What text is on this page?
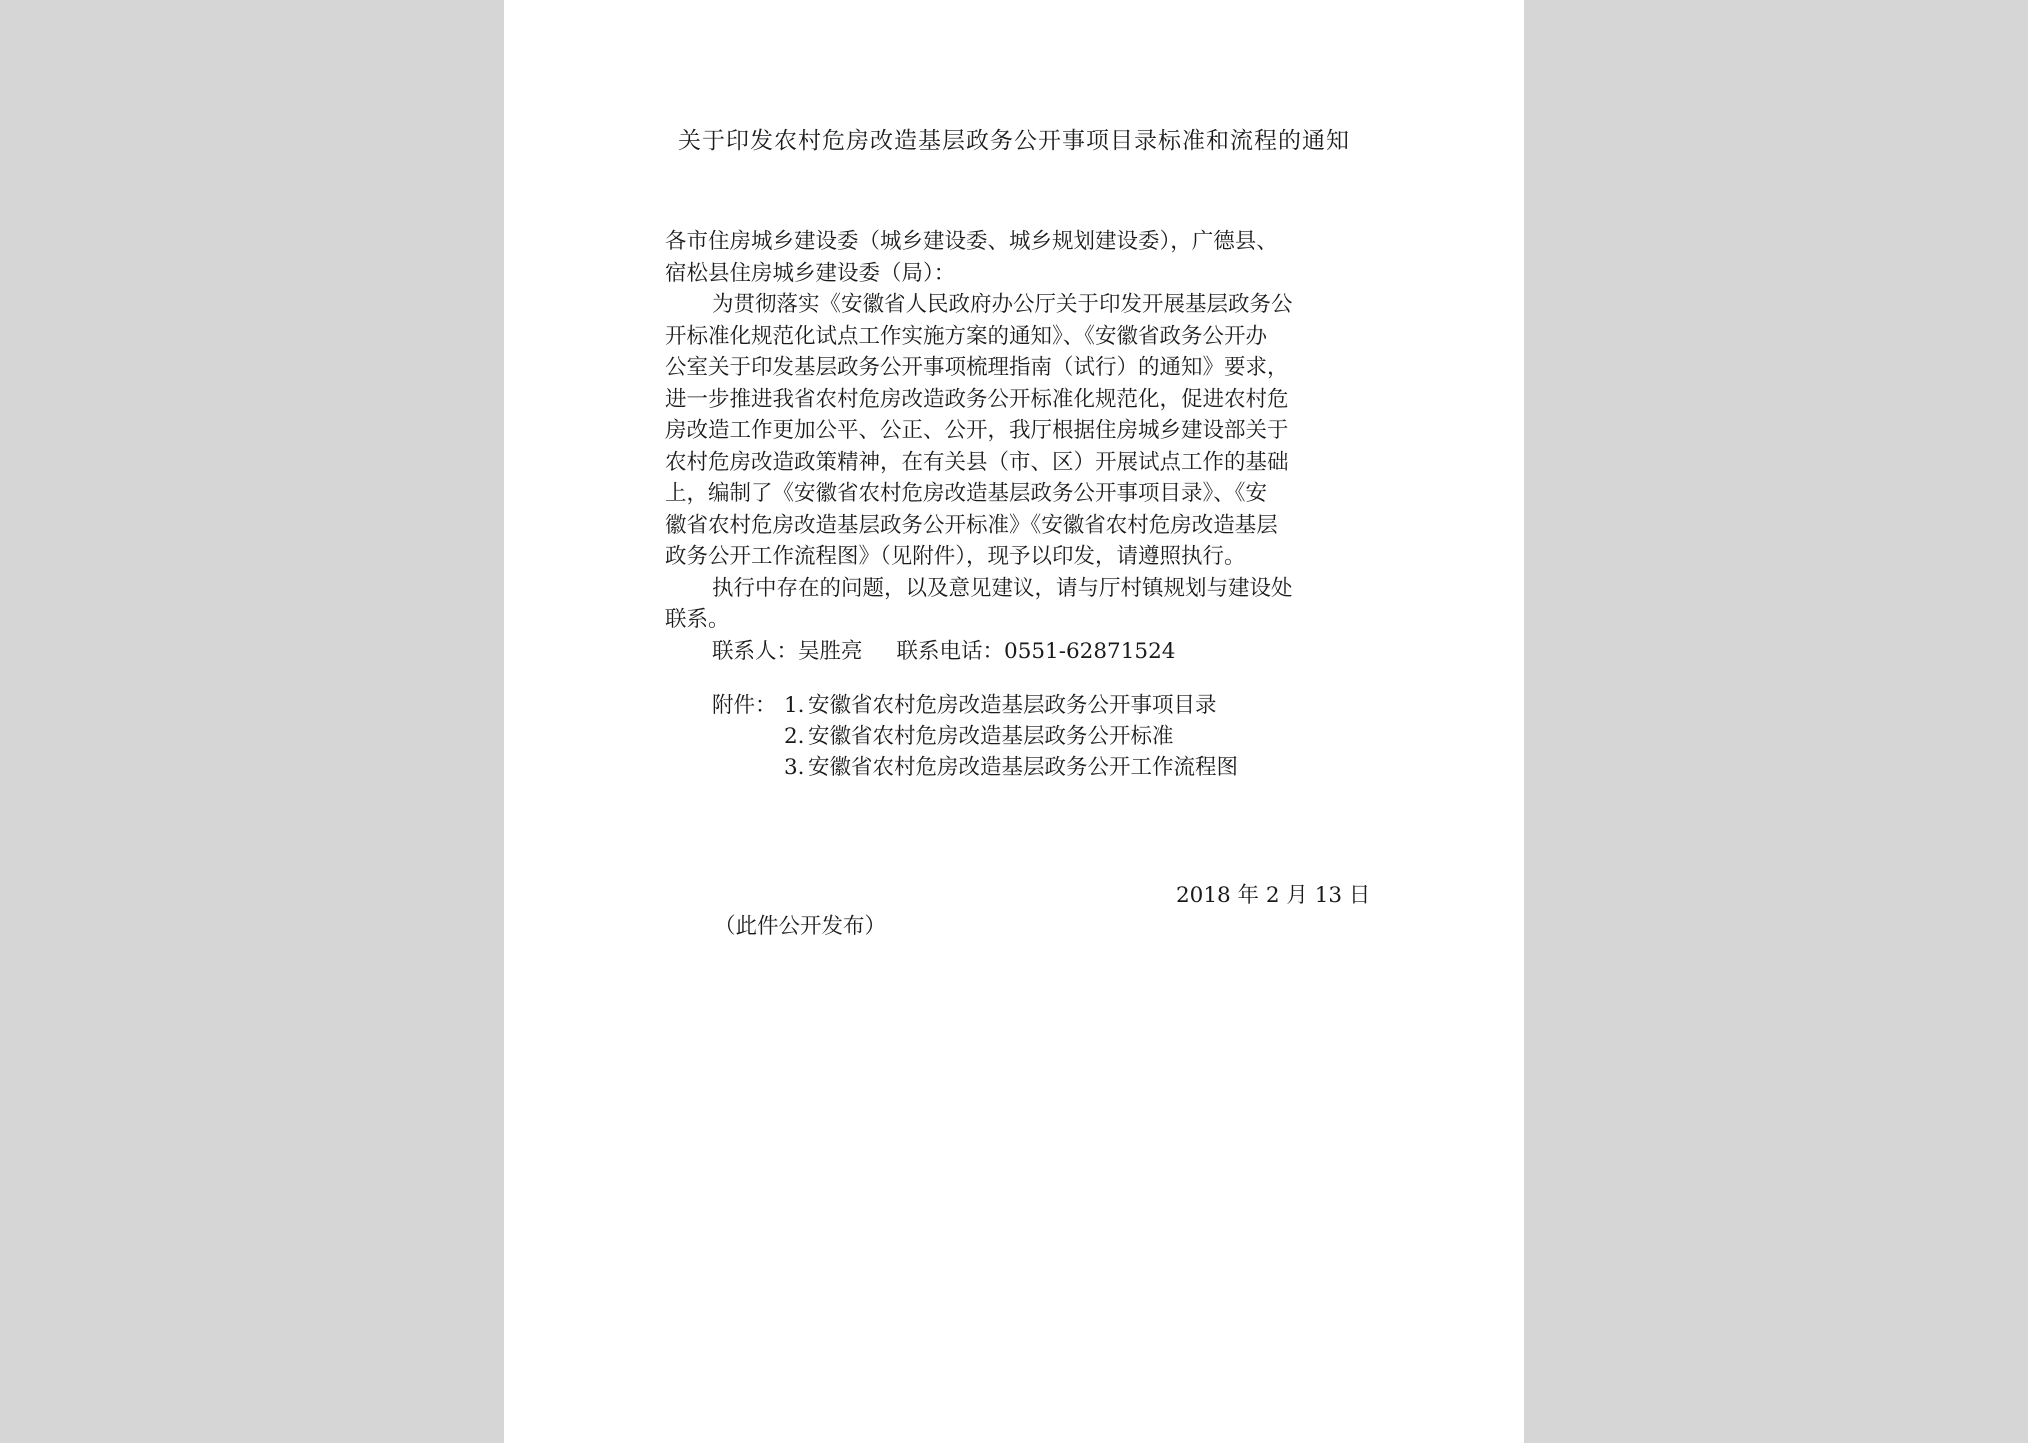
关于印发农村危房改造基层政务公开事项目录标准和流程的通知

各市住房城乡建设委（城乡建设委、城乡规划建设委），广德县、
宿松县住房城乡建设委（局）：

为贯彻落实《安徽省人民政府办公厅关于印发开展基层政务公
开标准化规范化试点工作实施方案的通知》、《安徽省政务公开办
公室关于印发基层政务公开事项梳理指南（试行）的通知》要求，
进一步推进我省农村危房改造政务公开标准化规范化，促进农村危
房改造工作更加公平、公正、公开，我厅根据住房城乡建设部关于
农村危房改造政策精神，在有关县（市、区）开展试点工作的基础
上，编制了《安徽省农村危房改造基层政务公开事项目录》、《安
徽省农村危房改造基层政务公开标准》《安徽省农村危房改造基层
政务公开工作流程图》（见附件），现予以印发，请遵照执行。

执行中存在的问题，以及意见建议，请与厅村镇规划与建设处
联系。

联系人：吴胜亮 联系电话：0551-62871524

附件： 1. 安徽省农村危房改造基层政务公开事项目录
2. 安徽省农村危房改造基层政务公开标准
3. 安徽省农村危房改造基层政务公开工作流程图
2018 年 2 月 13 日
（此件公开发布）
